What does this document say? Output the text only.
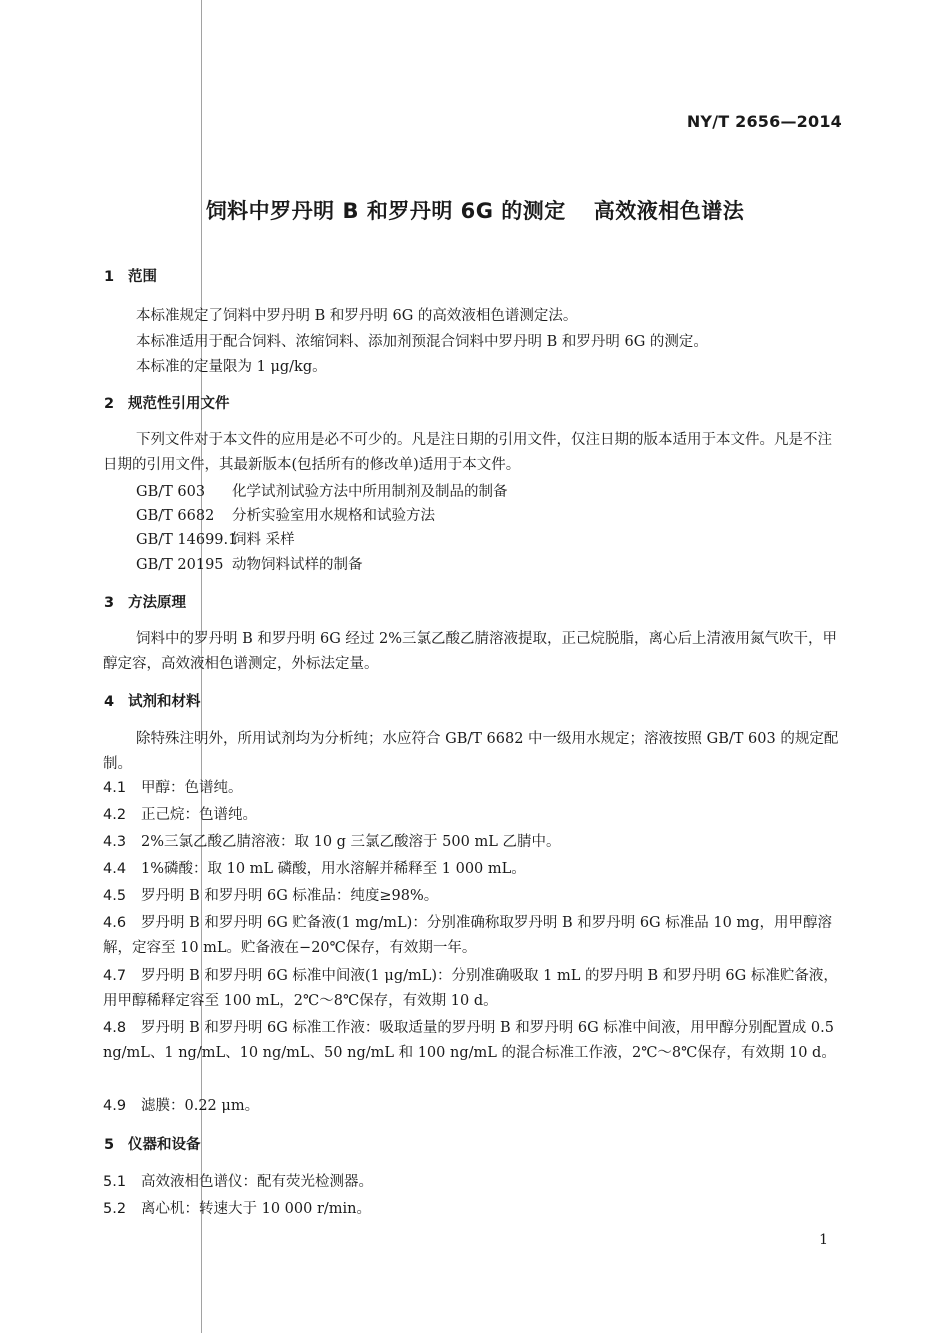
NY/T 2656—2014
饲料中罗丹明 B 和罗丹明 6G 的测定 高效液相色谱法
1 范围
本标准规定了饲料中罗丹明 B 和罗丹明 6G 的高效液相色谱测定法。
本标准适用于配合饲料、浓缩饲料、添加剂预混合饲料中罗丹明 B 和罗丹明 6G 的测定。
本标准的定量限为 1 μg/kg。
2 规范性引用文件
下列文件对于本文件的应用是必不可少的。凡是注日期的引用文件，仅注日期的版本适用于本文件。凡是不注日期的引用文件，其最新版本(包括所有的修改单)适用于本文件。
GB/T 603 化学试剂试验方法中所用制剂及制品的制备
GB/T 6682 分析实验室用水规格和试验方法
GB/T 14699.1饲料 采样
GB/T 20195 动物饲料试样的制备
3 方法原理
饲料中的罗丹明 B 和罗丹明 6G 经过 2%三氯乙酸乙腈溶液提取，正己烷脱脂，离心后上清液用氮气吹干，甲醇定容，高效液相色谱测定，外标法定量。
4 试剂和材料
除特殊注明外，所用试剂均为分析纯；水应符合 GB/T 6682 中一级用水规定；溶液按照 GB/T 603 的规定配制。
4.1 甲醇：色谱纯。
4.2 正己烷：色谱纯。
4.3 2%三氯乙酸乙腈溶液：取 10 g 三氯乙酸溶于 500 mL 乙腈中。
4.4 1%磷酸：取 10 mL 磷酸，用水溶解并稀释至 1 000 mL。
4.5 罗丹明 B 和罗丹明 6G 标准品：纯度≥98%。
4.6 罗丹明 B 和罗丹明 6G 贮备液(1 mg/mL)：分别准确称取罗丹明 B 和罗丹明 6G 标准品 10 mg，用甲醇溶解，定容至 10 mL。贮备液在−20℃保存，有效期一年。
4.7 罗丹明 B 和罗丹明 6G 标准中间液(1 μg/mL)：分别准确吸取 1 mL 的罗丹明 B 和罗丹明 6G 标准贮备液，用甲醇稀释定容至 100 mL，2℃～8℃保存，有效期 10 d。
4.8 罗丹明 B 和罗丹明 6G 标准工作液：吸取适量的罗丹明 B 和罗丹明 6G 标准中间液，用甲醇分别配置成 0.5 ng/mL、1 ng/mL、10 ng/mL、50 ng/mL 和 100 ng/mL 的混合标准工作液，2℃～8℃保存，有效期 10 d。
4.9 滤膜：0.22 μm。
5 仪器和设备
5.1 高效液相色谱仪：配有荧光检测器。
5.2 离心机：转速大于 10 000 r/min。
1
